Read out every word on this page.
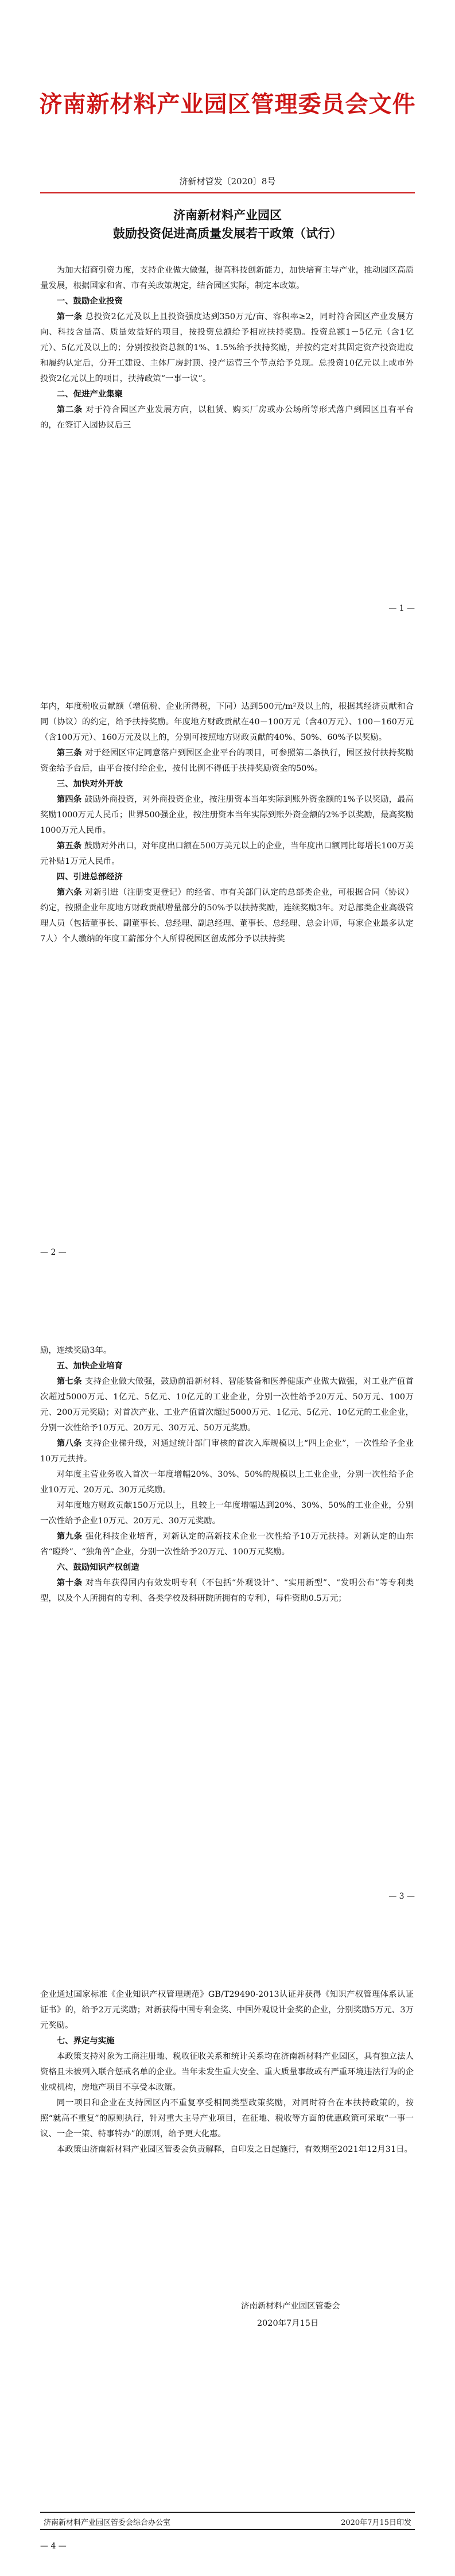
济南新材料产业园区管理委员会文件
济新材管发〔2020〕8号
济南新材料产业园区
鼓励投资促进高质量发展若干政策（试行）

为加大招商引资力度，支持企业做大做强，提高科技创新能力，加快培育主导产业，推动园区高质量发展，根据国家和省、市有关政策规定，结合园区实际，制定本政策。

一、鼓励企业投资

第一条 总投资2亿元及以上且投资强度达到350万元/亩、容积率≥2，同时符合园区产业发展方向、科技含量高、质量效益好的项目，按投资总额给予相应扶持奖励。投资总额1－5亿元（含1亿元）、5亿元及以上的；分别按投资总额的1%、1.5%给予扶持奖励，并按约定对其固定资产投资进度和履约认定后，分开工建设、主体厂房封顶、投产运营三个节点给予兑现。总投资10亿元以上或市外投资2亿元以上的项目，扶持政策“一事一议”。

二、促进产业集聚

第二条 对于符合园区产业发展方向，以租赁、购买厂房或办公场所等形式落户到园区且有平台的，在签订入园协议后三

— 1 —

年内，年度税收贡献额（增值税、企业所得税，下同）达到500元/m²及以上的，根据其经济贡献和合同（协议）的约定，给予扶持奖励。年度地方财政贡献在40－100万元（含40万元）、100－160万元（含100万元）、160万元及以上的，分别可按照地方财政贡献的40%、50%、60%予以奖励。

第三条 对于经园区审定同意落户到园区企业平台的项目，可参照第二条执行，园区按付扶持奖励资金给予台后，由平台按付给企业，按付比例不得低于扶持奖励资金的50%。

三、加快对外开放

第四条 鼓励外商投资，对外商投资企业，按注册资本当年实际到账外资金额的1%予以奖励，最高奖励1000万元人民币；世界500强企业，按注册资本当年实际到账外资金额的2%予以奖励，最高奖励1000万元人民币。

第五条 鼓励对外出口，对年度出口额在500万美元以上的企业，当年度出口额同比每增长100万美元补贴1万元人民币。

四、引进总部经济

第六条 对新引进（注册变更登记）的经省、市有关部门认定的总部类企业，可根据合同（协议）约定，按照企业年度地方财政贡献增量部分的50%予以扶持奖励，连续奖励3年。对总部类企业高级管理人员（包括董事长、副董事长、总经理、副总经理、董事长、总经理、总会计师，每家企业最多认定7人）个人缴纳的年度工薪部分个人所得税园区留成部分予以扶持奖

— 2 —

励，连续奖励3年。

五、加快企业培育

第七条 支持企业做大做强，鼓励前沿新材料、智能装备和医养健康产业做大做强，对工业产值首次超过5000万元、1亿元、5亿元、10亿元的工业企业，分别一次性给予20万元、50万元、100万元、200万元奖励；对首次产业、工业产值首次超过5000万元、1亿元、5亿元、10亿元的工业企业，分别一次性给予10万元、20万元、30万元、50万元奖励。

第八条 支持企业梯升级，对通过统计部门审核的首次入库规模以上“四上企业”，一次性给予企业10万元扶持。

对年度主营业务收入首次一年度增幅20%、30%、50%的规模以上工业企业，分别一次性给予企业10万元、20万元、30万元奖励。

对年度地方财政贡献150万元以上，且较上一年度增幅达到20%、30%、50%的工业企业，分别一次性给予企业10万元、20万元、30万元奖励。

第九条 强化科技企业培育，对新认定的高新技术企业一次性给予10万元扶持。对新认定的山东省“瞪羚”、“独角兽”企业，分别一次性给予20万元、100万元奖励。

六、鼓励知识产权创造

第十条 对当年获得国内有效发明专利（不包括“外观设计”、“实用新型”、“发明公布”等专利类型，以及个人所拥有的专利、各类学校及科研院所拥有的专利），每件资助0.5万元；

— 3 —

企业通过国家标准《企业知识产权管理规范》GB/T29490-2013认证并获得《知识产权管理体系认证证书》的，给予2万元奖励；对新获得中国专利金奖、中国外观设计金奖的企业，分别奖励5万元、3万元奖励。

七、界定与实施

本政策支持对象为工商注册地、税收征收关系和统计关系均在济南新材料产业园区，具有独立法人资格且未被列入联合惩戒名单的企业。当年未发生重大安全、重大质量事故或有严重环境违法行为的企业或机构，房地产项目不享受本政策。

同一项目和企业在支持园区内不重复享受相同类型政策奖励，对同时符合在本扶持政策的，按照“就高不重复”的原则执行，针对重大主导产业项目，在征地、税收等方面的优惠政策可采取“一事一议、一企一策、特事特办”的原则，给予更大化惠。

本政策由济南新材料产业园区管委会负责解释，自印发之日起施行，有效期至2021年12月31日。

济南新材料产业园区管委会
2020年7月15日
济南新材料产业园区管委会综合办公室	2020年7月15日印发
— 4 —
